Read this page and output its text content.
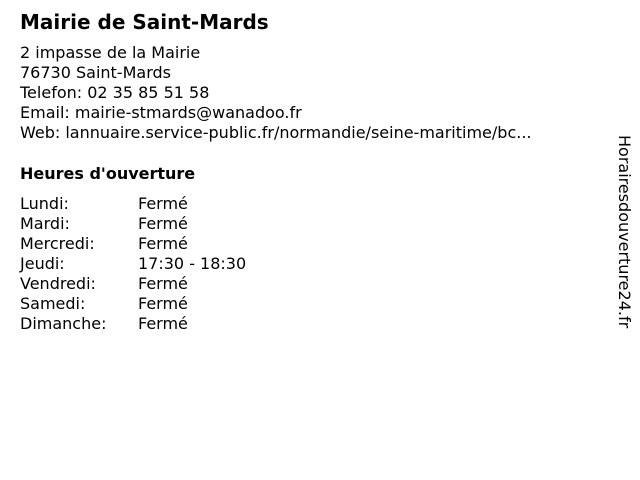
Mairie de Saint-Mards
2 impasse de la Mairie
76730 Saint-Mards
Telefon: 02 35 85 51 58
Email: mairie-stmards@wanadoo.fr
Web: lannuaire.service-public.fr/normandie/seine-maritime/bc...
Heures d'ouverture
Lundi:	Fermé
Mardi:	Fermé
Mercredi:	Fermé
Jeudi:	17:30 - 18:30
Vendredi:	Fermé
Samedi:	Fermé
Dimanche:	Fermé	Horairesdouverture24.fr
